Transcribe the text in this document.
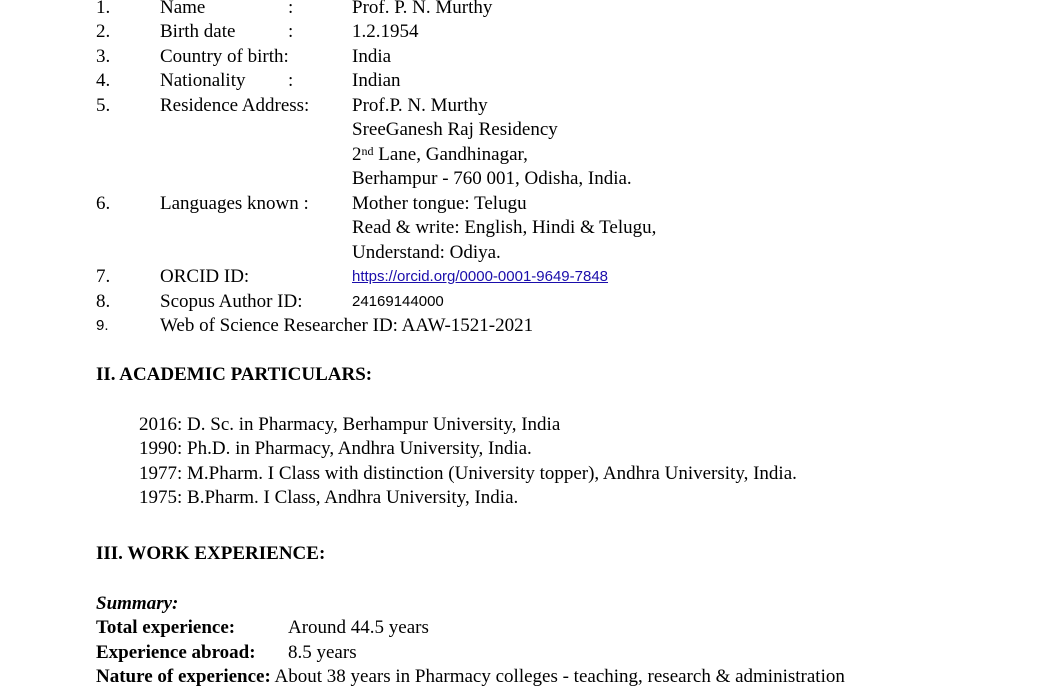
1.	Name	:	Prof. P. N. Murthy
2.	Birth date	:	1.2.1954
3.	Country of birth:	India
4.	Nationality :	Indian
5.	Residence Address: Prof.P. N. Murthy
SreeGanesh Raj Residency
2nd Lane, Gandhinagar,
Berhampur - 760 001, Odisha, India.
6.	Languages known : Mother tongue: Telugu
Read & write: English, Hindi & Telugu,
Understand: Odiya.
7.	ORCID ID:	https://orcid.org/0000-0001-9649-7848
8.	Scopus Author ID:	24169144000
9.	Web of Science Researcher ID: AAW-1521-2021
II. ACADEMIC PARTICULARS:
2016: D. Sc. in Pharmacy, Berhampur University, India
1990: Ph.D. in Pharmacy, Andhra University, India.
1977: M.Pharm. I Class with distinction (University topper), Andhra University, India.
1975: B.Pharm. I Class, Andhra University, India.
III. WORK EXPERIENCE:
Summary:
Total experience:	Around 44.5 years
Experience abroad: 8.5 years
Nature of experience: About 38 years in Pharmacy colleges - teaching, research & administration
